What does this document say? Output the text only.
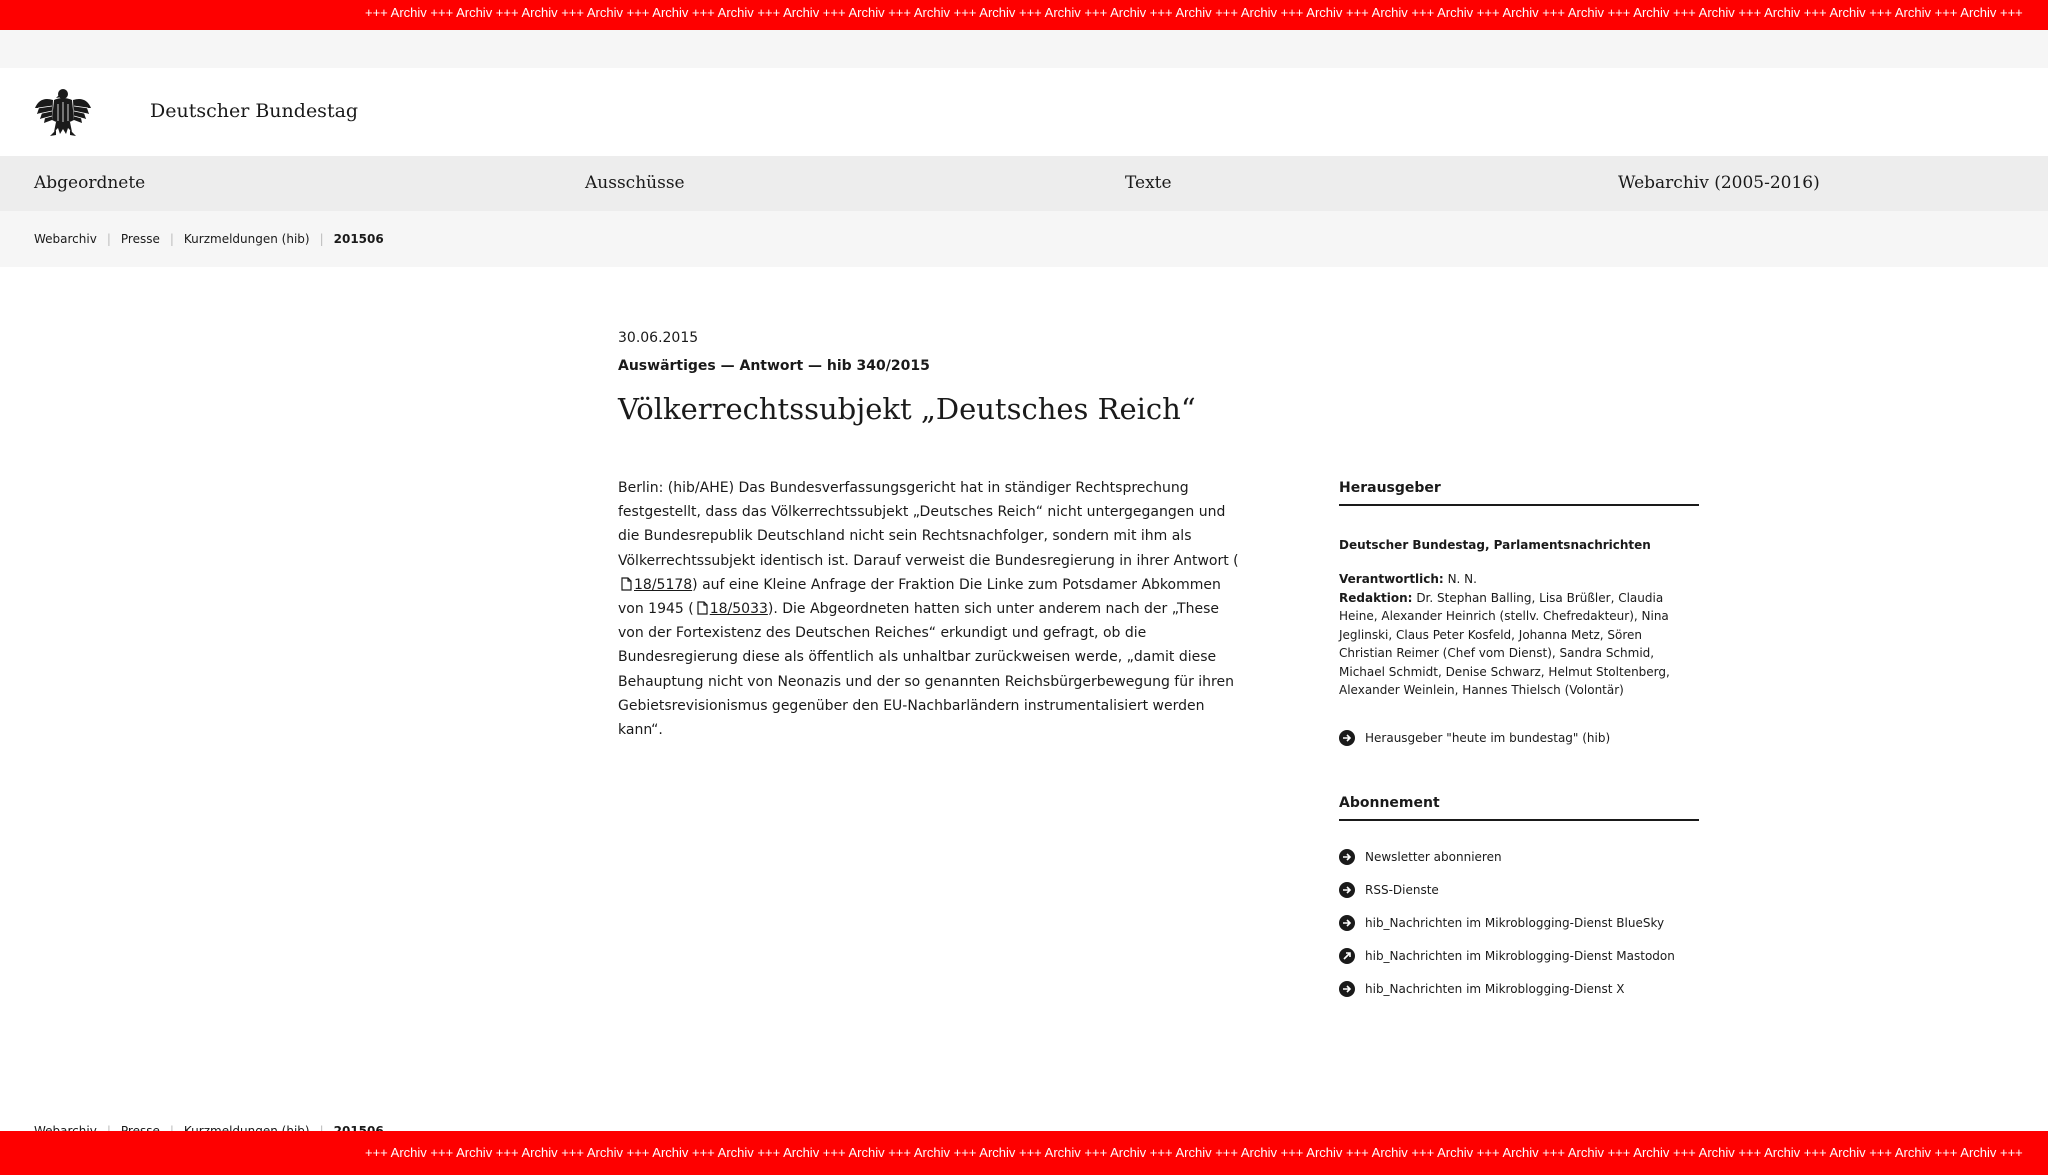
+++ Archiv +++ Archiv +++ Archiv +++ Archiv +++ Archiv +++ Archiv +++ Archiv +++ Archiv +++ Archiv +++ Archiv +++ Archiv +++ Archiv +++ Archiv +++ Archiv +++ Archiv +++ Archiv +++ Archiv +++ Archiv +++ Archiv +++ Archiv +++ Archiv +++ Archiv +++ Archiv +++ Archiv +++ Archiv +++
Deutscher Bundestag
Abgeordnete	Ausschüsse	Texte	Webarchiv (2005-2016)
Webarchiv | Presse | Kurzmeldungen (hib) | 201506
30.06.2015
Auswärtiges — Antwort — hib 340/2015
Völkerrechtssubjekt „Deutsches Reich“

Berlin: (hib/AHE) Das Bundesverfassungsgericht hat in ständiger Rechtsprechung festgestellt, dass das Völkerrechtssubjekt „Deutsches Reich“ nicht untergegangen und die Bundesrepublik Deutschland nicht sein Rechtsnachfolger, sondern mit ihm als Völkerrechtssubjekt identisch ist. Darauf verweist die Bundesregierung in ihrer Antwort (18/5178) auf eine Kleine Anfrage der Fraktion Die Linke zum Potsdamer Abkommen von 1945 ( 18/5033). Die Abgeordneten hatten sich unter anderem nach der „These von der Fortexistenz des Deutschen Reiches“ erkundigt und gefragt, ob die Bundesregierung diese als öffentlich als unhaltbar zurückweisen werde, „damit diese Behauptung nicht von Neonazis und der so genannten Reichsbürgerbewegung für ihren Gebietsrevisionismus gegenüber den EU-Nachbarländern instrumentalisiert werden kann“.

Herausgeber
Deutscher Bundestag, Parlamentsnachrichten
Verantwortlich: N. N.
Redaktion: Dr. Stephan Balling, Lisa Brüßler, Claudia Heine, Alexander Heinrich (stellv. Chefredakteur), Nina Jeglinski, Claus Peter Kosfeld, Johanna Metz, Sören Christian Reimer (Chef vom Dienst), Sandra Schmid, Michael Schmidt, Denise Schwarz, Helmut Stoltenberg, Alexander Weinlein, Hannes Thielsch (Volontär)
Herausgeber "heute im bundestag" (hib)
Abonnement
Newsletter abonnieren
RSS-Dienste
hib_Nachrichten im Mikroblogging-Dienst BlueSky
hib_Nachrichten im Mikroblogging-Dienst Mastodon
hib_Nachrichten im Mikroblogging-Dienst X
+++ Archiv +++ Archiv +++ Archiv +++ Archiv +++ Archiv +++ Archiv +++ Archiv +++ Archiv +++ Archiv +++ Archiv +++ Archiv +++ Archiv +++ Archiv +++ Archiv +++ Archiv +++ Archiv +++ Archiv +++ Archiv +++ Archiv +++ Archiv +++ Archiv +++ Archiv +++ Archiv +++ Archiv +++ Archiv +++
